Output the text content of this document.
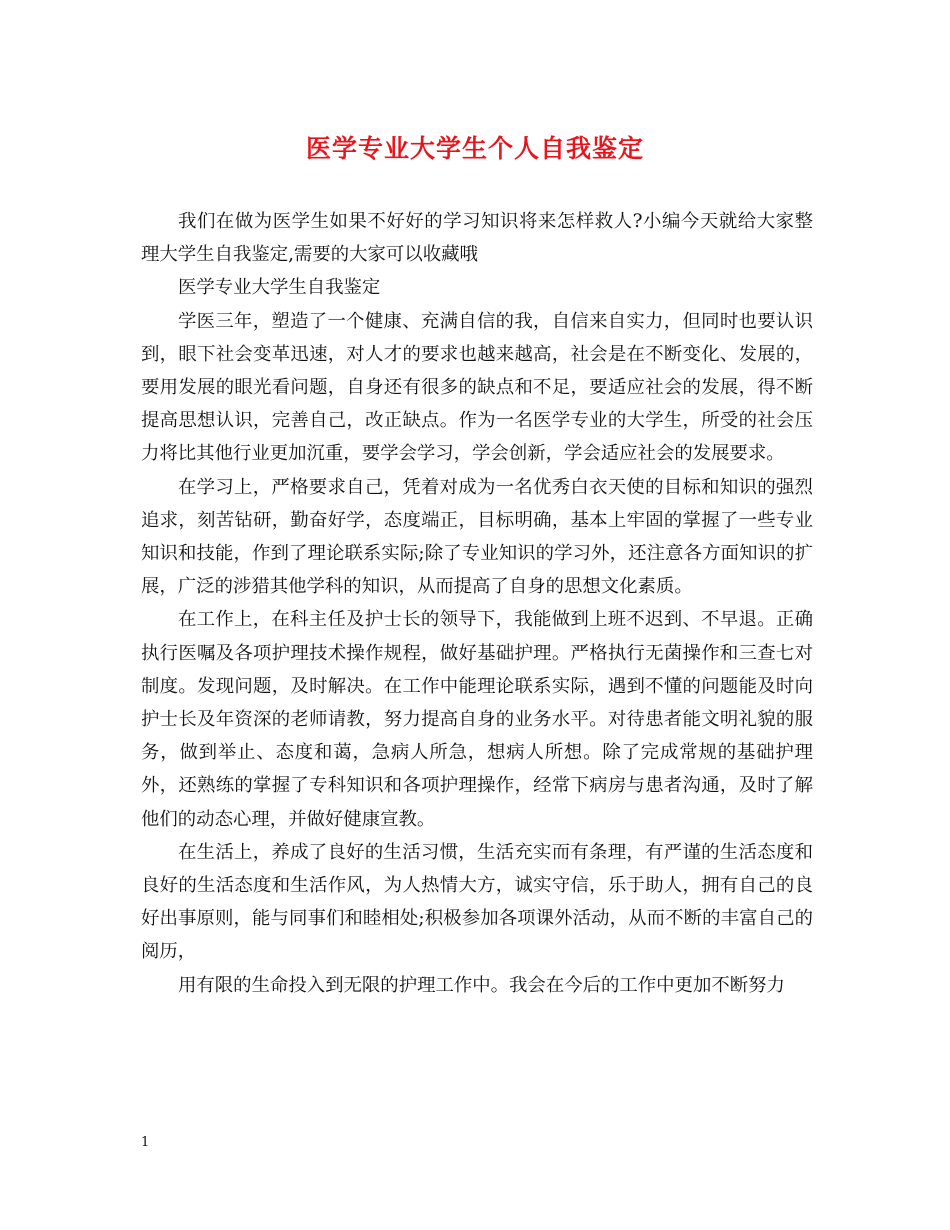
医学专业大学生个人自我鉴定

我们在做为医学生如果不好好的学习知识将来怎样救人?小编今天就给大家整理大学生自我鉴定,需要的大家可以收藏哦

医学专业大学生自我鉴定

学医三年，塑造了一个健康、充满自信的我，自信来自实力，但同时也要认识到，眼下社会变革迅速，对人才的要求也越来越高，社会是在不断变化、发展的，要用发展的眼光看问题，自身还有很多的缺点和不足，要适应社会的发展，得不断提高思想认识，完善自己，改正缺点。作为一名医学专业的大学生，所受的社会压力将比其他行业更加沉重，要学会学习，学会创新，学会适应社会的发展要求。

在学习上，严格要求自己，凭着对成为一名优秀白衣天使的目标和知识的强烈追求，刻苦钻研，勤奋好学，态度端正，目标明确，基本上牢固的掌握了一些专业知识和技能，作到了理论联系实际;除了专业知识的学习外，还注意各方面知识的扩展，广泛的涉猎其他学科的知识，从而提高了自身的思想文化素质。

在工作上，在科主任及护士长的领导下，我能做到上班不迟到、不早退。正确执行医嘱及各项护理技术操作规程，做好基础护理。严格执行无菌操作和三查七对制度。发现问题，及时解决。在工作中能理论联系实际，遇到不懂的问题能及时向护士长及年资深的老师请教，努力提高自身的业务水平。对待患者能文明礼貌的服务，做到举止、态度和蔼，急病人所急，想病人所想。除了完成常规的基础护理外，还熟练的掌握了专科知识和各项护理操作，经常下病房与患者沟通，及时了解他们的动态心理，并做好健康宣教。

在生活上，养成了良好的生活习惯，生活充实而有条理，有严谨的生活态度和良好的生活态度和生活作风，为人热情大方，诚实守信，乐于助人，拥有自己的良好出事原则，能与同事们和睦相处;积极参加各项课外活动，从而不断的丰富自己的阅历，

用有限的生命投入到无限的护理工作中。我会在今后的工作中更加不断努力

1
